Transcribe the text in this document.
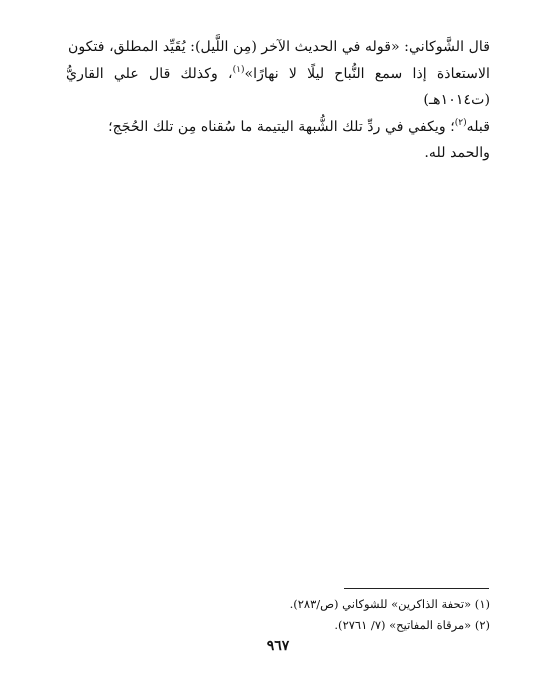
قال الشَّوكاني: «قوله في الحديث الآخر (مِن اللَّيل): يُقَيِّد المطلق، فتكون

الاستعاذة إذا سمع النُّباح ليلًا لا نهارًا»$^{(١)}$، وكذلك قال علي القاريُّ (ت١٠١٤هـ)

قبله$^{(٢)}$؛ ويكفي في ردِّ تلك الشُّبهة اليتيمة ما سُقناه مِن تلك الحُجَج؛

والحمد لله.

(١) «تحفة الذاكرين» للشوكاني (ص/٢٨٣).
(٢) «مرقاة المفاتيح» (٧/ ٢٧٦١).
٩٦٧
